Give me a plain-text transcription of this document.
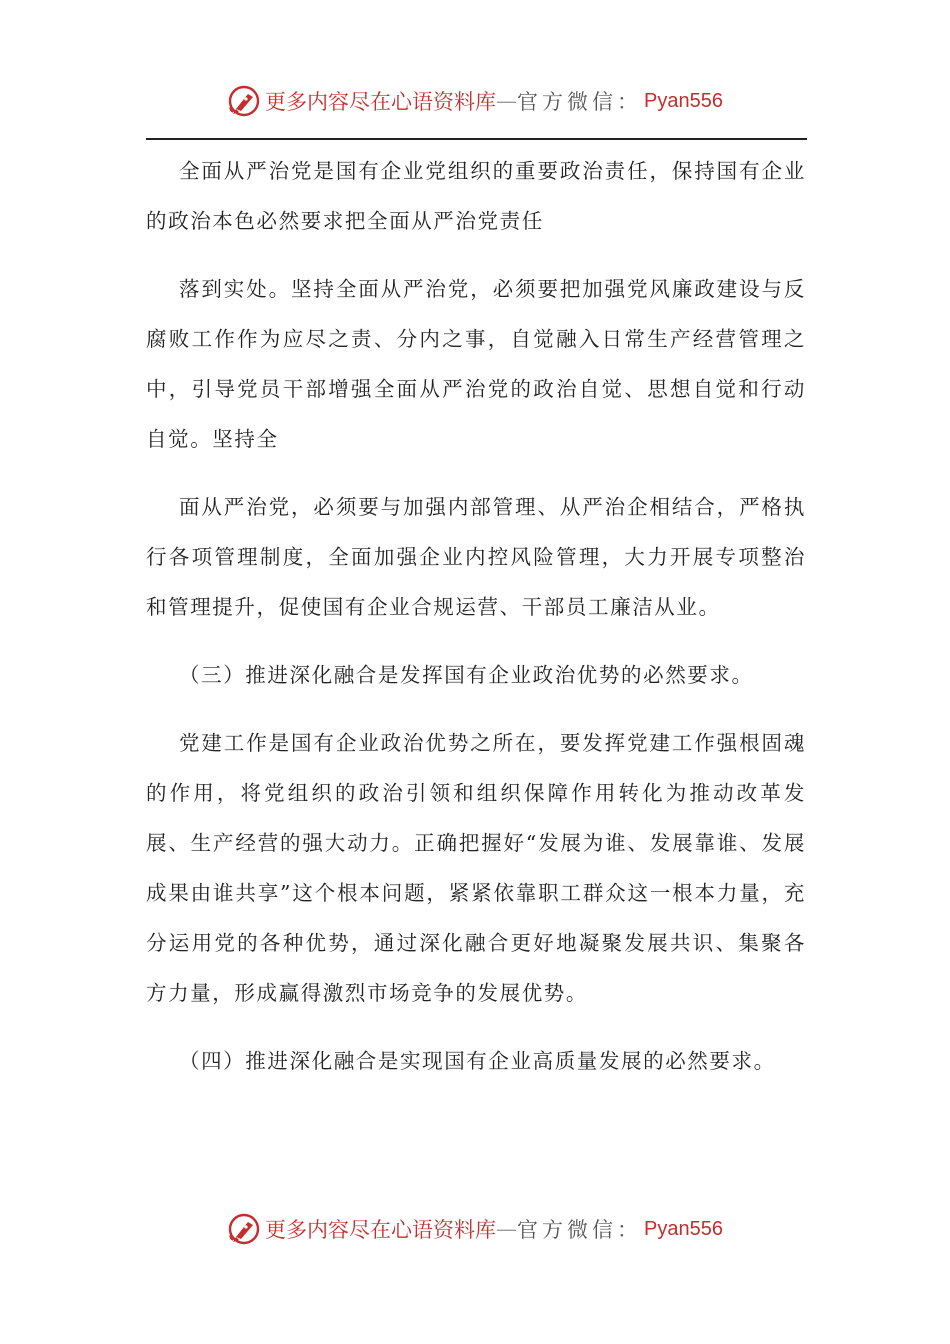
更多内容尽在心语资料库 — 官方微信： Pyan556

全面从严治党是国有企业党组织的重要政治责任，保持国有企业的政治本色必然要求把全面从严治党责任

落到实处。坚持全面从严治党，必须要把加强党风廉政建设与反腐败工作作为应尽之责、分内之事，自觉融入日常生产经营管理之中，引导党员干部增强全面从严治党的政治自觉、思想自觉和行动自觉。坚持全

面从严治党，必须要与加强内部管理、从严治企相结合，严格执行各项管理制度，全面加强企业内控风险管理，大力开展专项整治和管理提升，促使国有企业合规运营、干部员工廉洁从业。

（三）推进深化融合是发挥国有企业政治优势的必然要求。

党建工作是国有企业政治优势之所在，要发挥党建工作强根固魂的作用，将党组织的政治引领和组织保障作用转化为推动改革发展、生产经营的强大动力。正确把握好“发展为谁、发展靠谁、发展成果由谁共享”这个根本问题，紧紧依靠职工群众这一根本力量，充分运用党的各种优势，通过深化融合更好地凝聚发展共识、集聚各方力量，形成赢得激烈市场竞争的发展优势。

（四）推进深化融合是实现国有企业高质量发展的必然要求。

更多内容尽在心语资料库 — 官方微信： Pyan556
